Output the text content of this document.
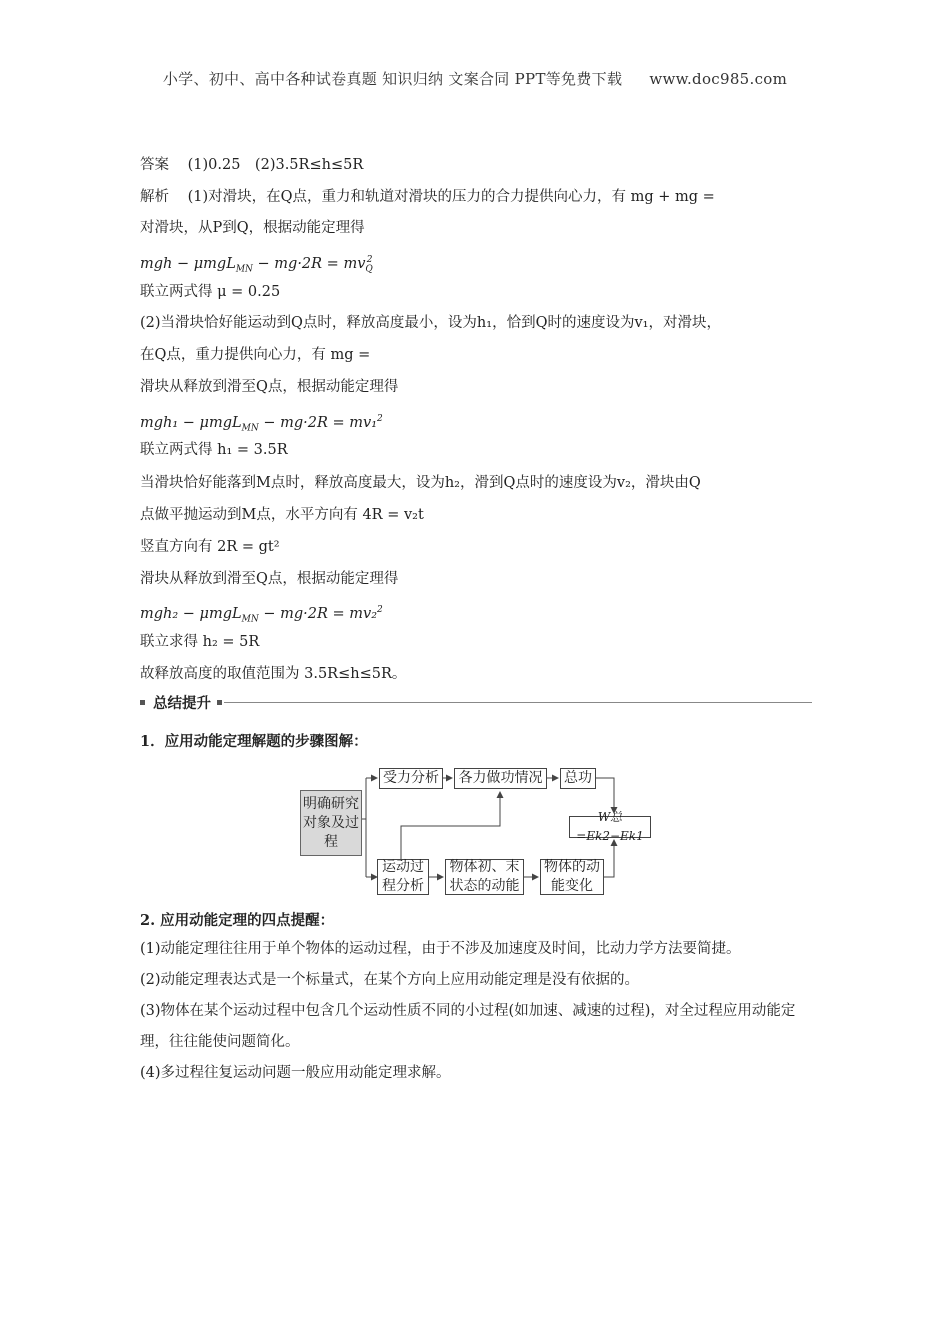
小学、初中、高中各种试卷真题 知识归纳 文案合同 PPT等免费下载 www.doc985.com
答案 (1)0.25　(2)3.5R≤h≤5R
解析 (1)对滑块，在Q点，重力和轨道对滑块的压力的合力提供向心力，有 mg + mg =
对滑块，从P到Q，根据动能定理得
mgh − $\mu mgL_{MN} - mg\cdot 2R = mv_Q^2$
联立两式得 μ = 0.25
(2)当滑块恰好能运动到Q点时，释放高度最小，设为h₁，恰到Q时的速度设为v₁，对滑块，
在Q点，重力提供向心力，有 mg =
滑块从释放到滑至Q点，根据动能定理得
mgh₁ − μmgL$_{MN}$ − mg·2R = mv₁$^2$
联立两式得 h₁ = 3.5R
当滑块恰好能落到M点时，释放高度最大，设为h₂，滑到Q点时的速度设为v₂，滑块由Q
点做平抛运动到M点，水平方向有 4R = v₂t
竖直方向有 2R = gt²
滑块从释放到滑至Q点，根据动能定理得
mgh₂ − μmgL$_{MN}$ − mg·2R = mv₂$^2$
联立求得 h₂ = 5R
故释放高度的取值范围为 3.5R≤h≤5R。
总结提升
1．应用动能定理解题的步骤图解：
明确研究对象及过程
受力分析	各力做功情况	总功
W总=Ek2−Ek1
运动过程分析
物体初、末状态的动能
物体的动能变化
2. 应用动能定理的四点提醒：

(1)动能定理往往用于单个物体的运动过程，由于不涉及加速度及时间，比动力学方法要简捷。

(2)动能定理表达式是一个标量式，在某个方向上应用动能定理是没有依据的。

(3)物体在某个运动过程中包含几个运动性质不同的小过程(如加速、减速的过程)，对全过程应用动能定理，往往能使问题简化。

(4)多过程往复运动问题一般应用动能定理求解。
